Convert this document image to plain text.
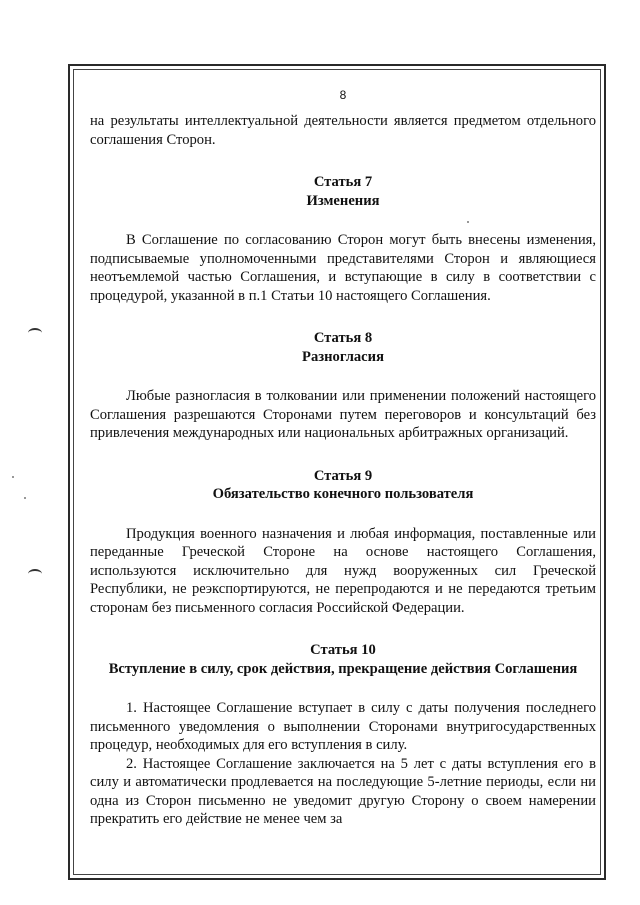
8

на результаты интеллектуальной деятельности является предметом отдельного соглашения Сторон.

Статья 7

Изменения

В Соглашение по согласованию Сторон могут быть внесены изменения, подписываемые уполномоченными представителями Сторон и являющиеся неотъемлемой частью Соглашения, и вступающие в силу в соответствии с процедурой, указанной в п.1 Статьи 10 настоящего Соглашения.

Статья 8

Разногласия

Любые разногласия в толковании или применении положений настоящего Соглашения разрешаются Сторонами путем переговоров и консультаций без привлечения международных или национальных арбитражных организаций.

Статья 9

Обязательство конечного пользователя

Продукция военного назначения и любая информация, поставленные или переданные Греческой Стороне на основе настоящего Соглашения, используются исключительно для нужд вооруженных сил Греческой Республики, не реэкспортируются, не перепродаются и не передаются третьим сторонам без письменного согласия Российской Федерации.

Статья 10

Вступление в силу, срок действия, прекращение действия Соглашения

1. Настоящее Соглашение вступает в силу с даты получения последнего письменного уведомления о выполнении Сторонами внутригосударственных процедур, необходимых для его вступления в силу.

2. Настоящее Соглашение заключается на 5 лет с даты вступления его в силу и автоматически продлевается на последующие 5-летние периоды, если ни одна из Сторон письменно не уведомит другую Сторону о своем намерении прекратить его действие не менее чем за
